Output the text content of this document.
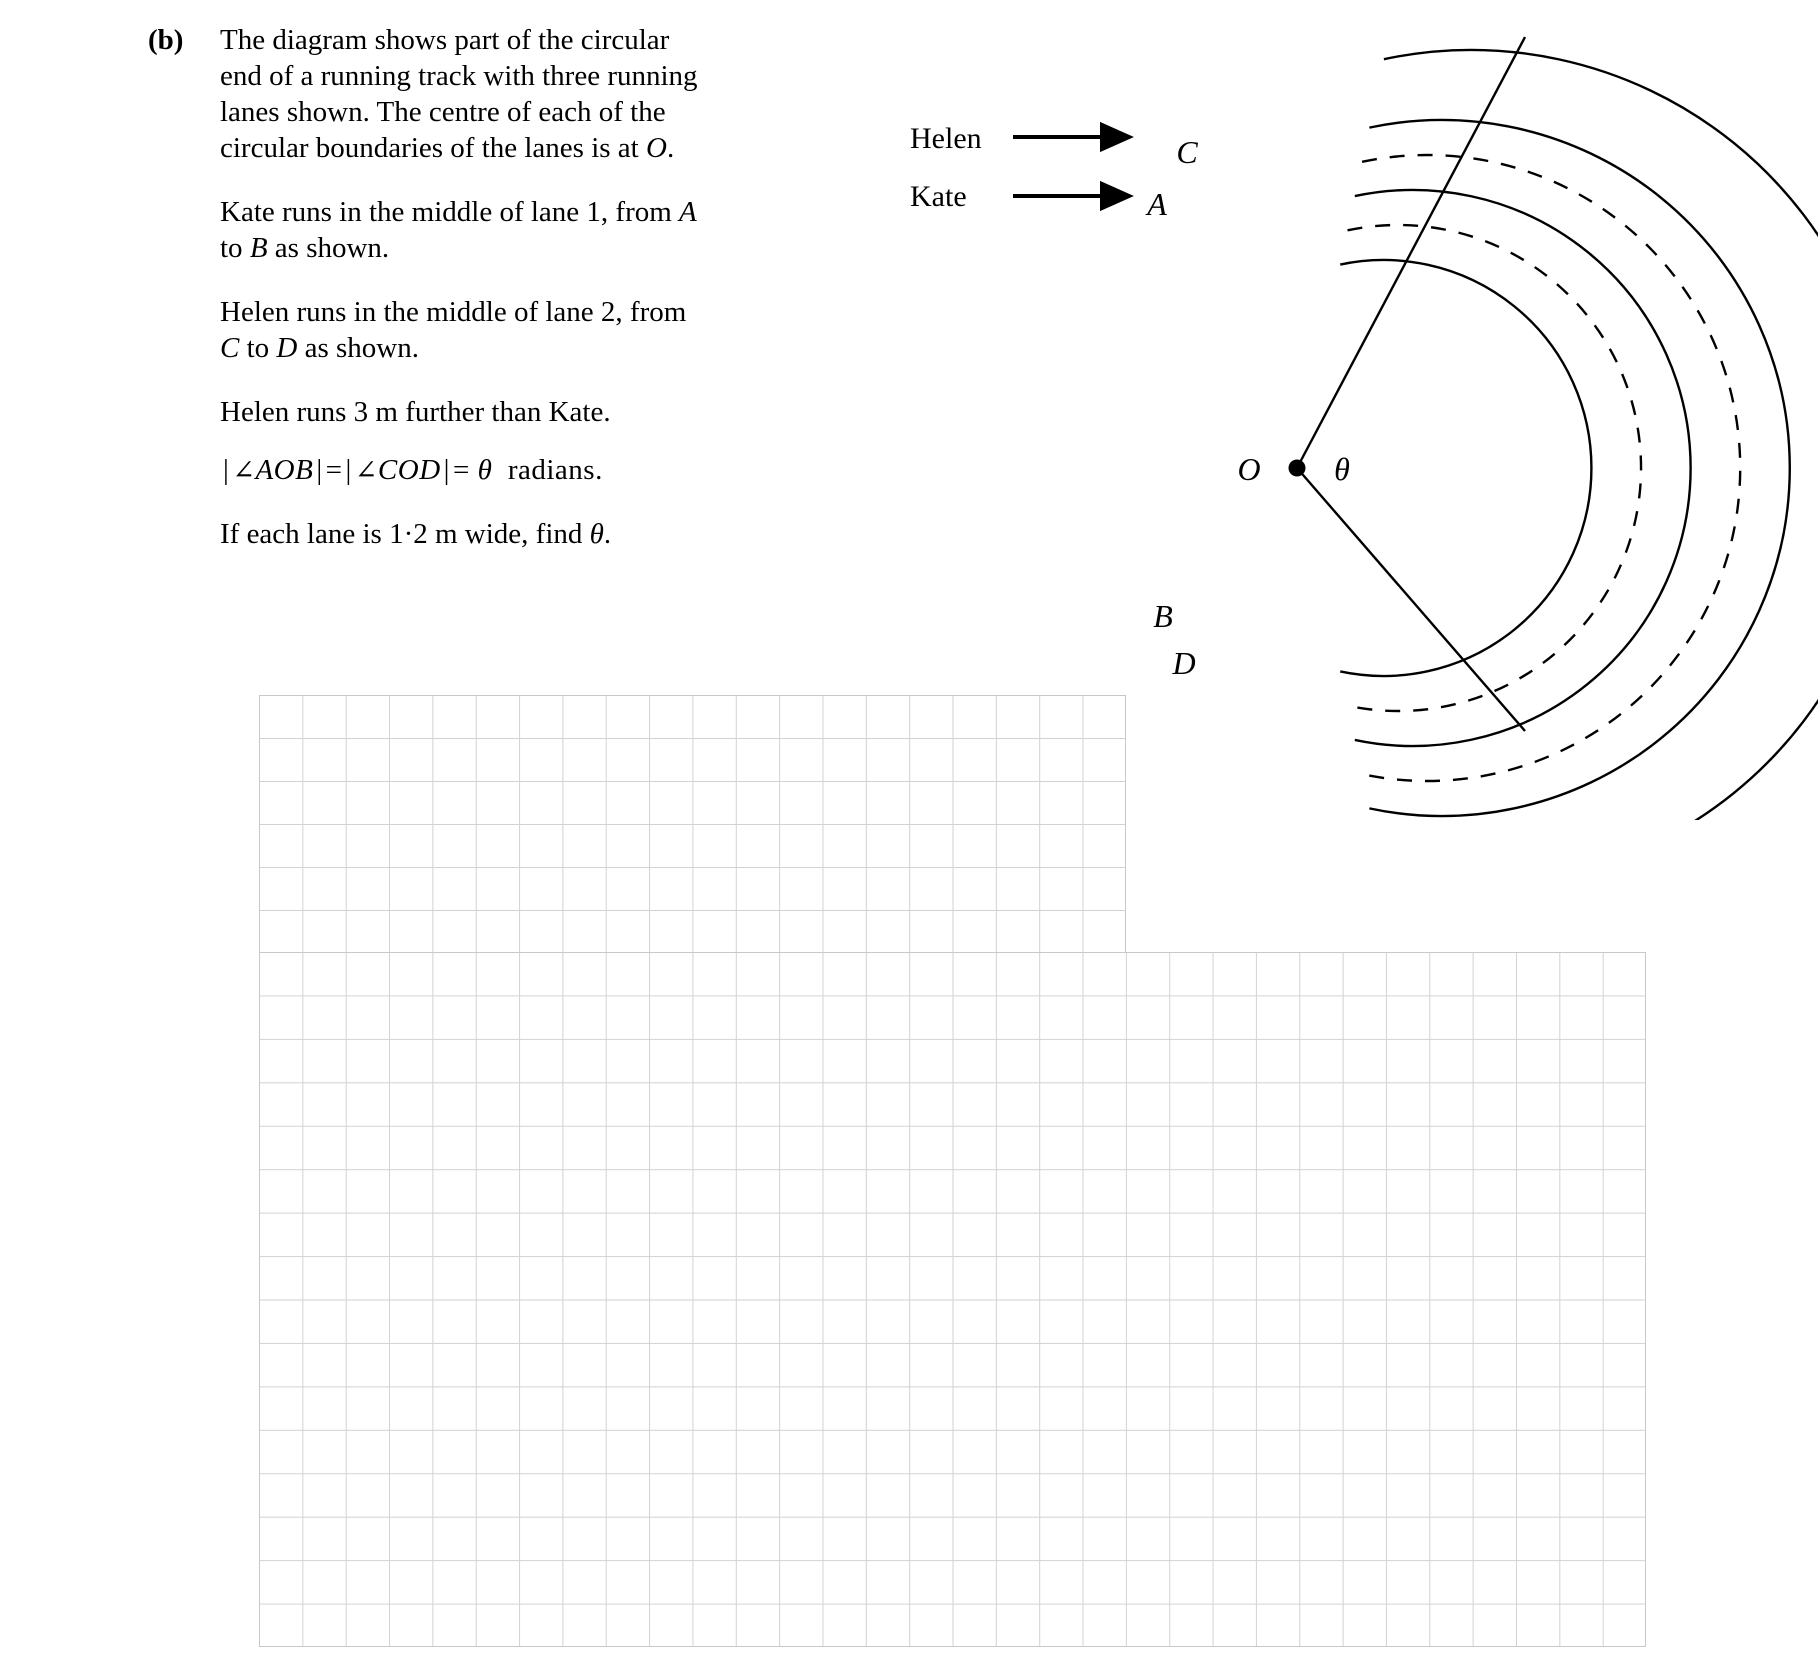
(b) The diagram shows part of the circular
end of a running track with three running
lanes shown. The centre of each of the
circular boundaries of the lanes is at O.

Kate runs in the middle of lane 1, from A
to B as shown.

Helen runs in the middle of lane 2, from
C to D as shown.

Helen runs 3 m further than Kate.

| ∠AOB | = | ∠COD | = θ radians.

If each lane is 1·2 m wide, find θ.

O θ
C
A
B
D
Helen
Kate
